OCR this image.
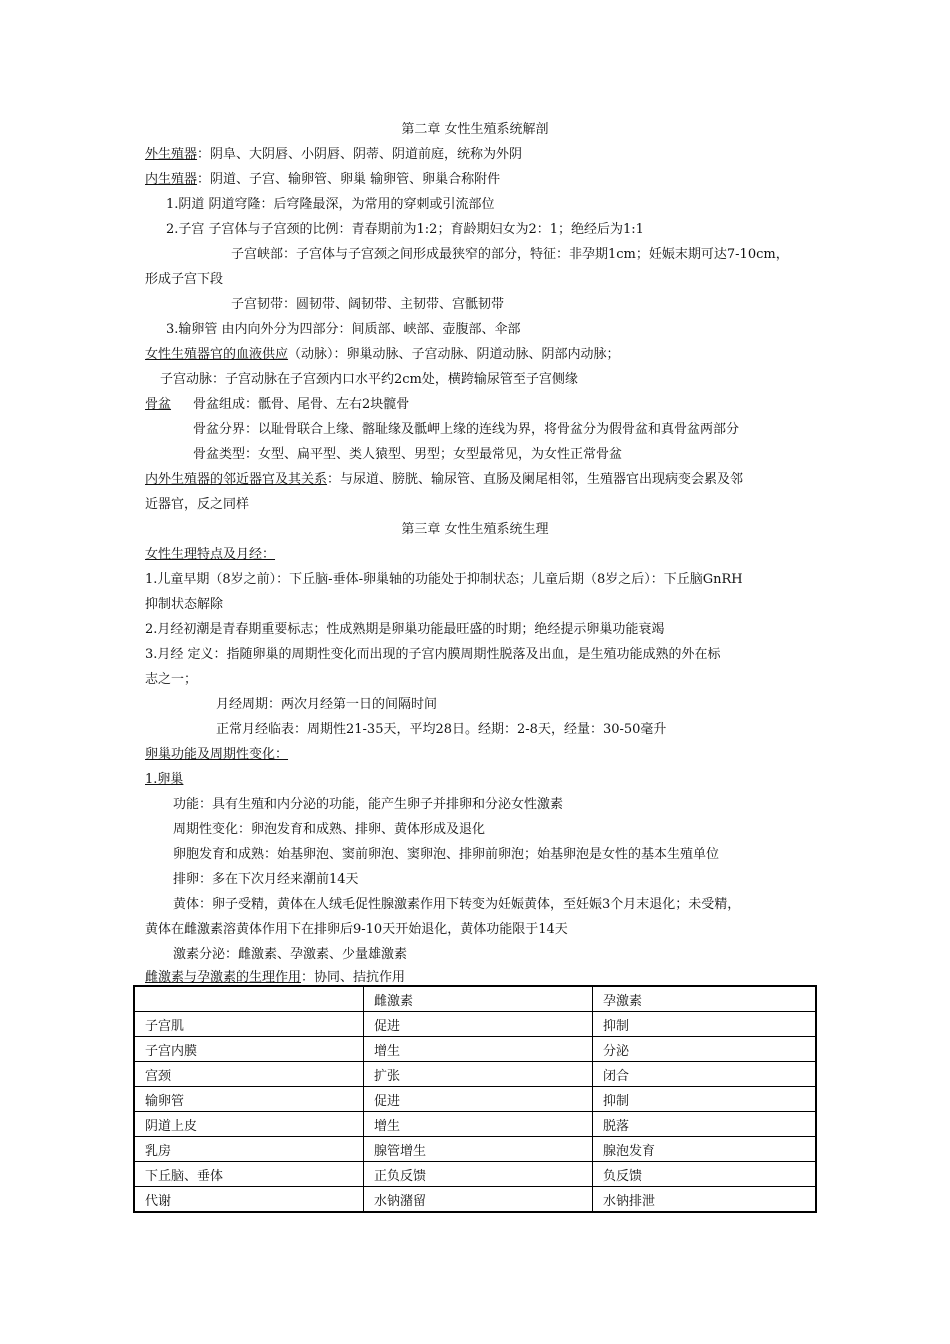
第二章 女性生殖系统解剖
外生殖器：阴阜、大阴唇、小阴唇、阴蒂、阴道前庭，统称为外阴
内生殖器：阴道、子宫、输卵管、卵巢 输卵管、卵巢合称附件
1.阴道 阴道穹隆：后穹隆最深，为常用的穿刺或引流部位
2.子宫 子宫体与子宫颈的比例：青春期前为1:2；育龄期妇女为2：1；绝经后为1:1
子宫峡部：子宫体与子宫颈之间形成最狭窄的部分，特征：非孕期1cm；妊娠末期可达7-10cm，
形成子宫下段
子宫韧带：圆韧带、阔韧带、主韧带、宫骶韧带
3.输卵管 由内向外分为四部分：间质部、峡部、壶腹部、伞部
女性生殖器官的血液供应（动脉）：卵巢动脉、子宫动脉、阴道动脉、阴部内动脉；
子宫动脉：子宫动脉在子宫颈内口水平约2cm处，横跨输尿管至子宫侧缘
骨盆 骨盆组成：骶骨、尾骨、左右2块髋骨
骨盆分界：以耻骨联合上缘、髂耻缘及骶岬上缘的连线为界，将骨盆分为假骨盆和真骨盆两部分
骨盆类型：女型、扁平型、类人猿型、男型；女型最常见，为女性正常骨盆
内外生殖器的邻近器官及其关系：与尿道、膀胱、输尿管、直肠及阑尾相邻，生殖器官出现病变会累及邻
近器官，反之同样
第三章 女性生殖系统生理
女性生理特点及月经：
1.儿童早期（8岁之前）：下丘脑-垂体-卵巢轴的功能处于抑制状态；儿童后期（8岁之后）：下丘脑GnRH
抑制状态解除
2.月经初潮是青春期重要标志；性成熟期是卵巢功能最旺盛的时期；绝经提示卵巢功能衰竭
3.月经 定义：指随卵巢的周期性变化而出现的子宫内膜周期性脱落及出血，是生殖功能成熟的外在标
志之一；
月经周期：两次月经第一日的间隔时间
正常月经临表：周期性21-35天，平均28日。经期：2-8天，经量：30-50毫升
卵巢功能及周期性变化：
1.卵巢
功能：具有生殖和内分泌的功能，能产生卵子并排卵和分泌女性激素
周期性变化：卵泡发育和成熟、排卵、黄体形成及退化
卵胞发育和成熟：始基卵泡、窦前卵泡、窦卵泡、排卵前卵泡；始基卵泡是女性的基本生殖单位
排卵：多在下次月经来潮前14天
黄体：卵子受精，黄体在人绒毛促性腺激素作用下转变为妊娠黄体，至妊娠3个月末退化；未受精，
黄体在雌激素溶黄体作用下在排卵后9-10天开始退化，黄体功能限于14天
激素分泌：雌激素、孕激素、少量雄激素
雌激素与孕激素的生理作用：协同、拮抗作用
	雌激素	孕激素
子宫肌	促进	抑制
子宫内膜	增生	分泌
宫颈	扩张	闭合
输卵管	促进	抑制
阴道上皮	增生	脱落
乳房	腺管增生	腺泡发育
下丘脑、垂体	正负反馈	负反馈
代谢	水钠潴留	水钠排泄
